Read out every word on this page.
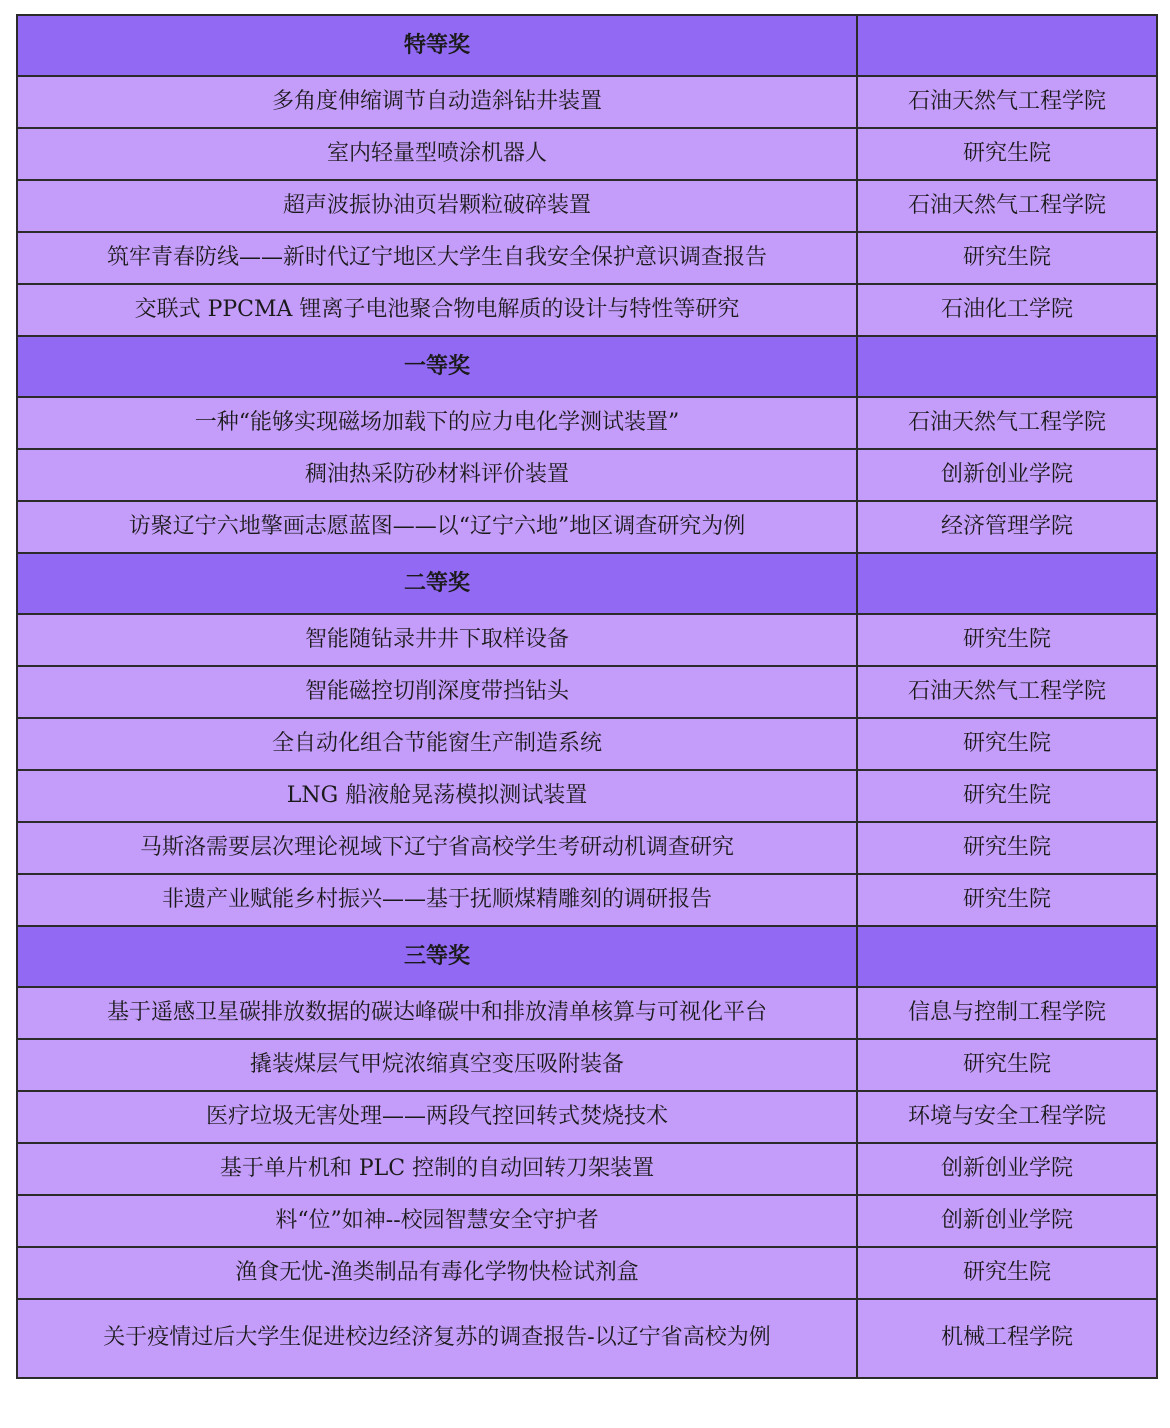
特等奖	
多角度伸缩调节自动造斜钻井装置	石油天然气工程学院
室内轻量型喷涂机器人	研究生院
超声波振协油页岩颗粒破碎装置	石油天然气工程学院
筑牢青春防线——新时代辽宁地区大学生自我安全保护意识调查报告	研究生院
交联式 PPCMA 锂离子电池聚合物电解质的设计与特性等研究	石油化工学院
一等奖	
一种“能够实现磁场加载下的应力电化学测试装置”	石油天然气工程学院
稠油热采防砂材料评价装置	创新创业学院
访聚辽宁六地擎画志愿蓝图——以“辽宁六地”地区调查研究为例	经济管理学院
二等奖	
智能随钻录井井下取样设备	研究生院
智能磁控切削深度带挡钻头	石油天然气工程学院
全自动化组合节能窗生产制造系统	研究生院
LNG 船液舱晃荡模拟测试装置	研究生院
马斯洛需要层次理论视域下辽宁省高校学生考研动机调查研究	研究生院
非遗产业赋能乡村振兴——基于抚顺煤精雕刻的调研报告	研究生院
三等奖	
基于遥感卫星碳排放数据的碳达峰碳中和排放清单核算与可视化平台	信息与控制工程学院
撬装煤层气甲烷浓缩真空变压吸附装备	研究生院
医疗垃圾无害处理——两段气控回转式焚烧技术	环境与安全工程学院
基于单片机和 PLC 控制的自动回转刀架装置	创新创业学院
料“位”如神--校园智慧安全守护者	创新创业学院
渔食无忧-渔类制品有毒化学物快检试剂盒	研究生院
关于疫情过后大学生促进校边经济复苏的调查报告-以辽宁省高校为例	机械工程学院
